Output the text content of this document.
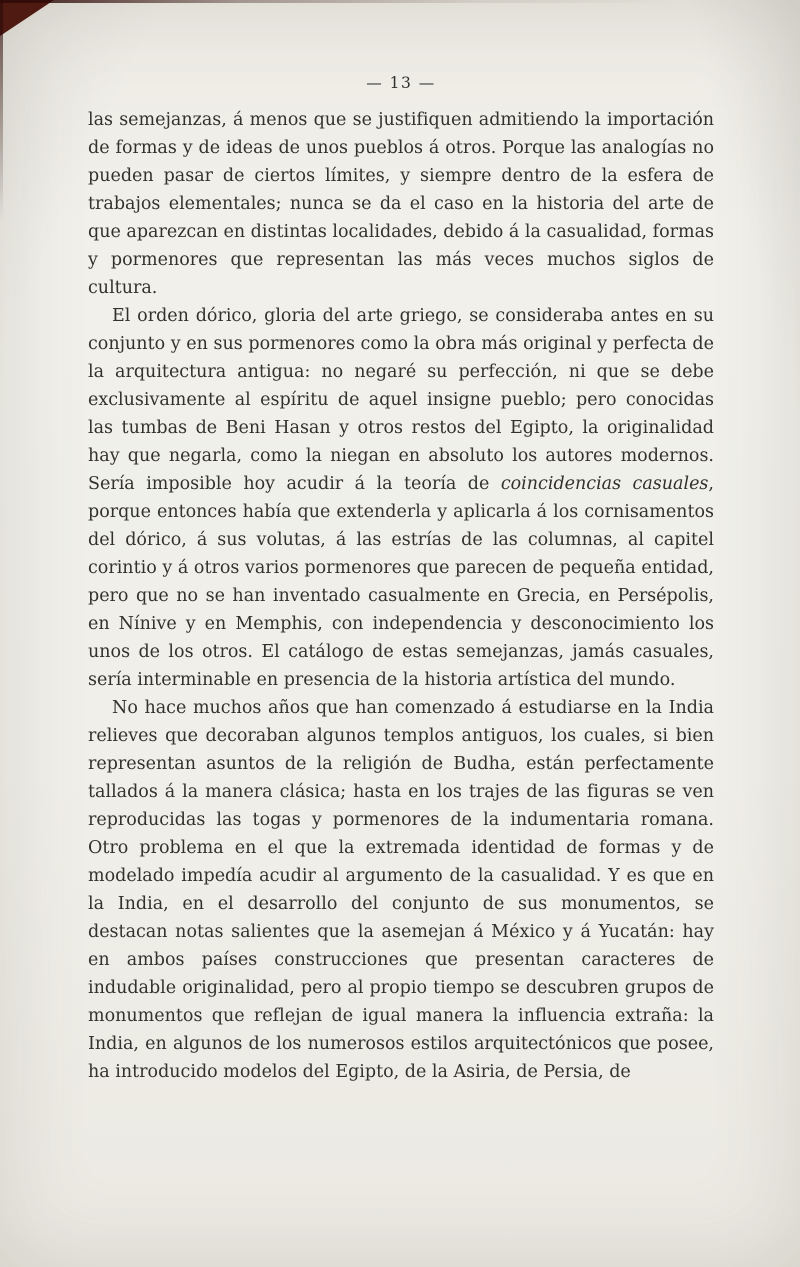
— 13 —

las semejanzas, á menos que se justifiquen admitiendo la importación de formas y de ideas de unos pueblos á otros. Porque las analogías no pueden pasar de ciertos límites, y siempre dentro de la esfera de trabajos elementales; nunca se da el caso en la historia del arte de que aparezcan en distintas localidades, debido á la casualidad, formas y pormenores que representan las más veces muchos siglos de cultura.

El orden dórico, gloria del arte griego, se consideraba antes en su conjunto y en sus pormenores como la obra más original y perfecta de la arquitectura antigua: no negaré su perfección, ni que se debe exclusivamente al espíritu de aquel insigne pueblo; pero conocidas las tumbas de Beni Hasan y otros restos del Egipto, la originalidad hay que negarla, como la niegan en absoluto los autores modernos. Sería imposible hoy acudir á la teoría de coincidencias casuales, porque entonces había que extenderla y aplicarla á los cornisamentos del dórico, á sus volutas, á las estrías de las columnas, al capitel corintio y á otros varios pormenores que parecen de pequeña entidad, pero que no se han inventado casualmente en Grecia, en Persépolis, en Nínive y en Memphis, con independencia y desconocimiento los unos de los otros. El catálogo de estas semejanzas, jamás casuales, sería interminable en presencia de la historia artística del mundo.

No hace muchos años que han comenzado á estudiarse en la India relieves que decoraban algunos templos antiguos, los cuales, si bien representan asuntos de la religión de Budha, están perfectamente tallados á la manera clásica; hasta en los trajes de las figuras se ven reproducidas las togas y pormenores de la indumentaria romana. Otro problema en el que la extremada identidad de formas y de modelado impedía acudir al argumento de la casualidad. Y es que en la India, en el desarrollo del conjunto de sus monumentos, se destacan notas salientes que la asemejan á México y á Yucatán: hay en ambos países construcciones que presentan caracteres de indudable originalidad, pero al propio tiempo se descubren grupos de monumentos que reflejan de igual manera la influencia extraña: la India, en algunos de los numerosos estilos arquitectónicos que posee, ha introducido modelos del Egipto, de la Asiria, de Persia, de
